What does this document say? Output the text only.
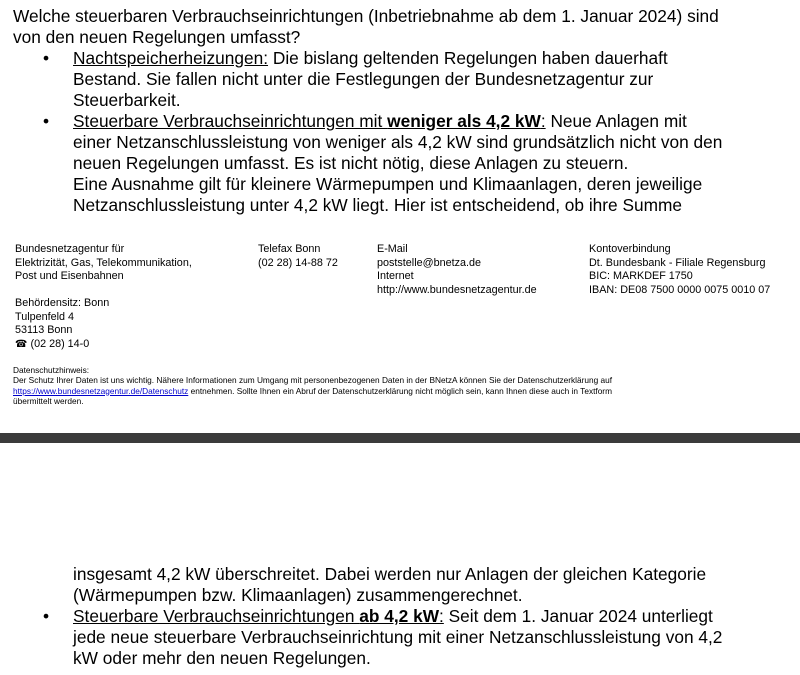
Welche steuerbaren Verbrauchseinrichtungen (Inbetriebnahme ab dem 1. Januar 2024) sind
von den neuen Regelungen umfasst?

• Nachtspeicherheizungen: Die bislang geltenden Regelungen haben dauerhaft
Bestand. Sie fallen nicht unter die Festlegungen der Bundesnetzagentur zur
Steuerbarkeit.
• Steuerbare Verbrauchseinrichtungen mit weniger als 4,2 kW: Neue Anlagen mit
einer Netzanschlussleistung von weniger als 4,2 kW sind grundsätzlich nicht von den
neuen Regelungen umfasst. Es ist nicht nötig, diese Anlagen zu steuern.
Eine Ausnahme gilt für kleinere Wärmepumpen und Klimaanlagen, deren jeweilige
Netzanschlussleistung unter 4,2 kW liegt. Hier ist entscheidend, ob ihre Summe
Bundesnetzagentur für
Elektrizität, Gas, Telekommunikation,
Post und Eisenbahnen
Telefax Bonn
(02 28) 14-88 72
E-Mail
poststelle@bnetza.de
Internet
http://www.bundesnetzagentur.de
Kontoverbindung
Dt. Bundesbank - Filiale Regensburg
BIC: MARKDEF 1750
IBAN: DE08 7500 0000 0075 0010 07
Behördensitz: Bonn
Tulpenfeld 4
53113 Bonn
☎ (02 28) 14-0
Datenschutzhinweis:
Der Schutz Ihrer Daten ist uns wichtig. Nähere Informationen zum Umgang mit personenbezogenen Daten in der BNetzA können Sie der Datenschutzerklärung auf
https://www.bundesnetzagentur.de/Datenschutz entnehmen. Sollte Ihnen ein Abruf der Datenschutzerklärung nicht möglich sein, kann Ihnen diese auch in Textform
übermittelt werden.
insgesamt 4,2 kW überschreitet. Dabei werden nur Anlagen der gleichen Kategorie
(Wärmepumpen bzw. Klimaanlagen) zusammengerechnet.
• Steuerbare Verbrauchseinrichtungen ab 4,2 kW: Seit dem 1. Januar 2024 unterliegt
jede neue steuerbare Verbrauchseinrichtung mit einer Netzanschlussleistung von 4,2
kW oder mehr den neuen Regelungen.
